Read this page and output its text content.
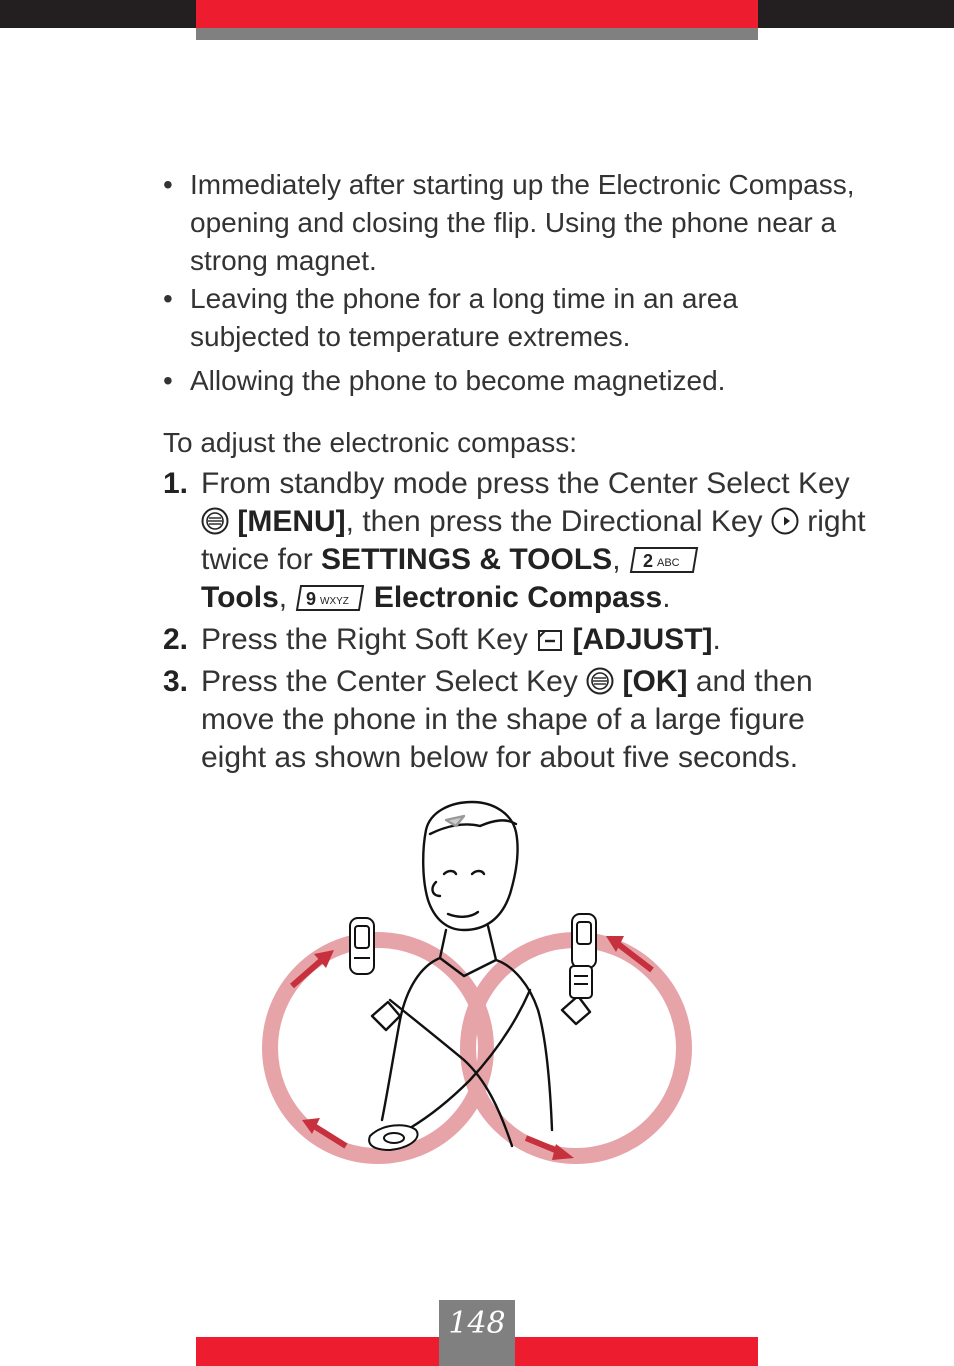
• Immediately after starting up the Electronic Compass, opening and closing the flip. Using the phone near a strong magnet.
• Leaving the phone for a long time in an area subjected to temperature extremes.
• Allowing the phone to become magnetized.
To adjust the electronic compass:
1. From standby mode press the Center Select Key  [MENU], then press the Directional Key right twice for SETTINGS & TOOLS, 2 ABC

Tools, 9 WXYZ Electronic Compass.
2. Press the Right Soft Key [ADJUST].
3. Press the Center Select Key [OK] and then move the phone in the shape of a large figure eight as shown below for about five seconds.
148
